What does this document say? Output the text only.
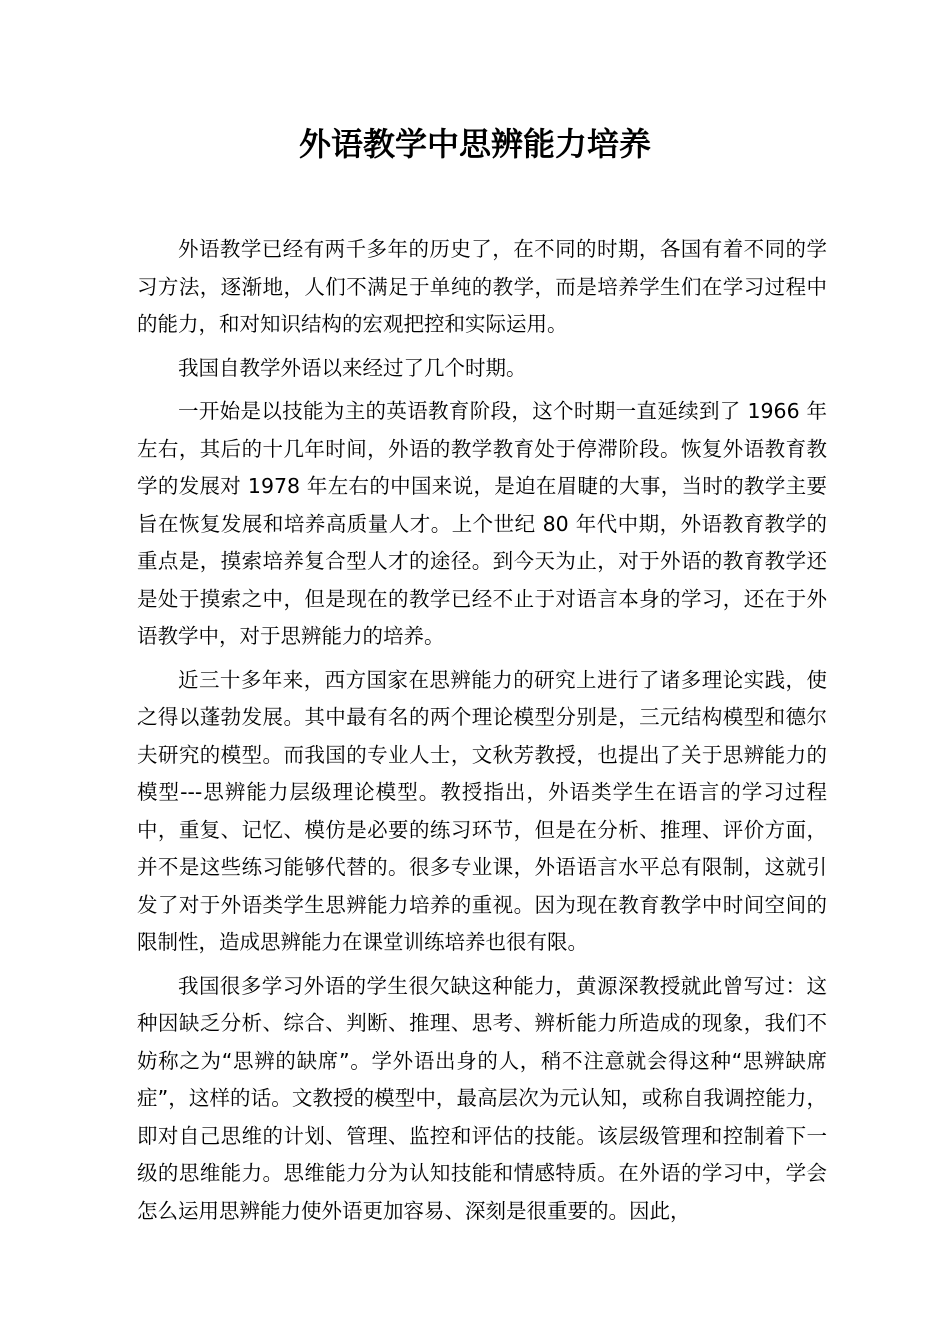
外语教学中思辨能力培养

外语教学已经有两千多年的历史了，在不同的时期，各国有着不同的学习方法，逐渐地，人们不满足于单纯的教学，而是培养学生们在学习过程中的能力，和对知识结构的宏观把控和实际运用。

我国自教学外语以来经过了几个时期。

一开始是以技能为主的英语教育阶段，这个时期一直延续到了 1966 年左右，其后的十几年时间，外语的教学教育处于停滞阶段。恢复外语教育教学的发展对 1978 年左右的中国来说，是迫在眉睫的大事，当时的教学主要旨在恢复发展和培养高质量人才。上个世纪 80 年代中期，外语教育教学的重点是，摸索培养复合型人才的途径。到今天为止，对于外语的教育教学还是处于摸索之中，但是现在的教学已经不止于对语言本身的学习，还在于外语教学中，对于思辨能力的培养。

近三十多年来，西方国家在思辨能力的研究上进行了诸多理论实践，使之得以蓬勃发展。其中最有名的两个理论模型分别是，三元结构模型和德尔夫研究的模型。而我国的专业人士，文秋芳教授，也提出了关于思辨能力的模型---思辨能力层级理论模型。教授指出，外语类学生在语言的学习过程中，重复、记忆、模仿是必要的练习环节，但是在分析、推理、评价方面，并不是这些练习能够代替的。很多专业课，外语语言水平总有限制，这就引发了对于外语类学生思辨能力培养的重视。因为现在教育教学中时间空间的限制性，造成思辨能力在课堂训练培养也很有限。

我国很多学习外语的学生很欠缺这种能力，黄源深教授就此曾写过：这种因缺乏分析、综合、判断、推理、思考、辨析能力所造成的现象，我们不妨称之为“思辨的缺席”。学外语出身的人，稍不注意就会得这种“思辨缺席症”，这样的话。文教授的模型中，最高层次为元认知，或称自我调控能力，即对自己思维的计划、管理、监控和评估的技能。该层级管理和控制着下一级的思维能力。思维能力分为认知技能和情感特质。在外语的学习中，学会怎么运用思辨能力使外语更加容易、深刻是很重要的。因此，
